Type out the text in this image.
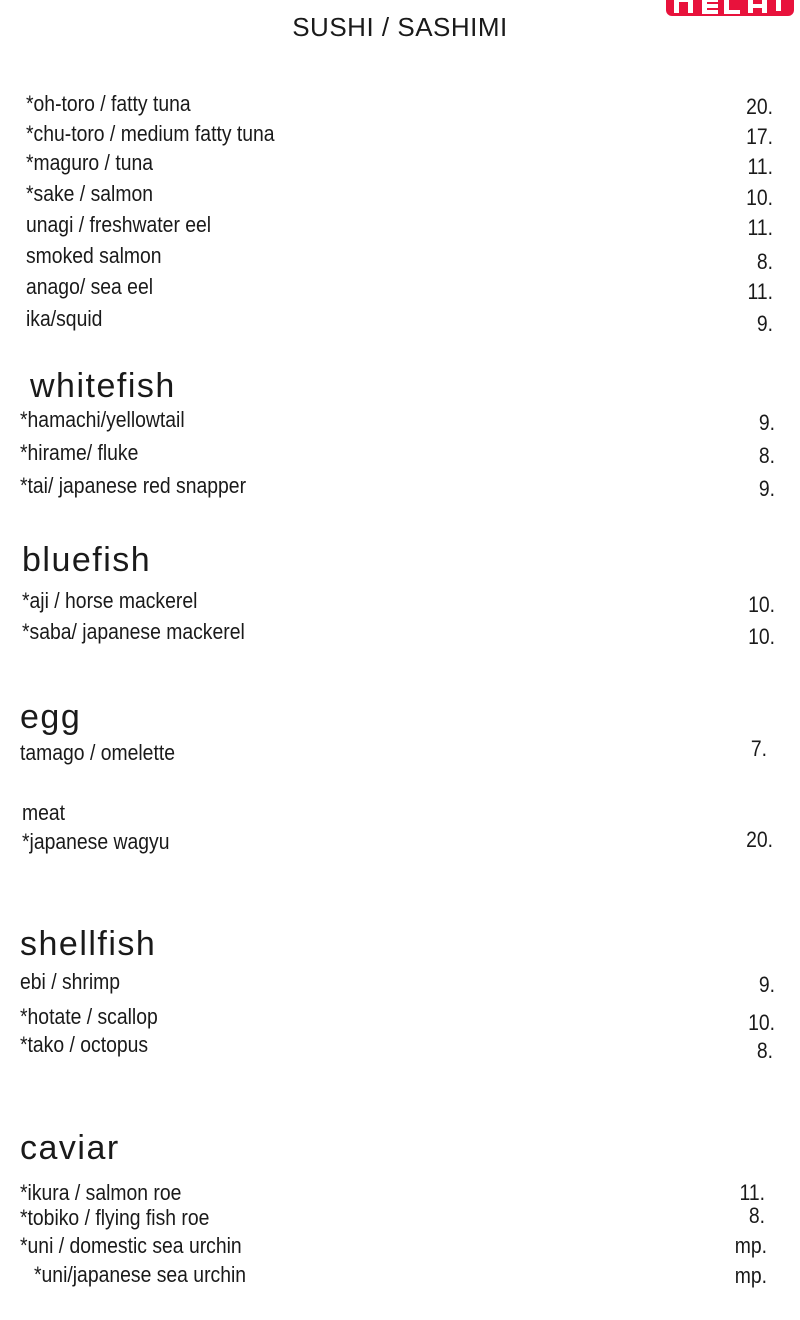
SUSHI / SASHIMI
*oh-toro / fatty tuna	20.
*chu-toro / medium fatty tuna	17.
*maguro / tuna	11.
*sake / salmon	10.
unagi / freshwater eel	11.
smoked salmon	8.
anago/ sea eel	11.
ika/squid	9.
whitefish
*hamachi/yellowtail	9.
*hirame/ fluke	8.
*tai/ japanese red snapper	9.
bluefish
*aji / horse mackerel	10.
*saba/ japanese mackerel	10.
egg
tamago / omelette	7.
meat
*japanese wagyu	20.
shellfish
ebi / shrimp	9.
*hotate / scallop	10.
*tako / octopus	8.
caviar
*ikura / salmon roe	11.
*tobiko / flying fish roe	8.
*uni / domestic sea urchin	mp.
*uni/japanese sea urchin	mp.
